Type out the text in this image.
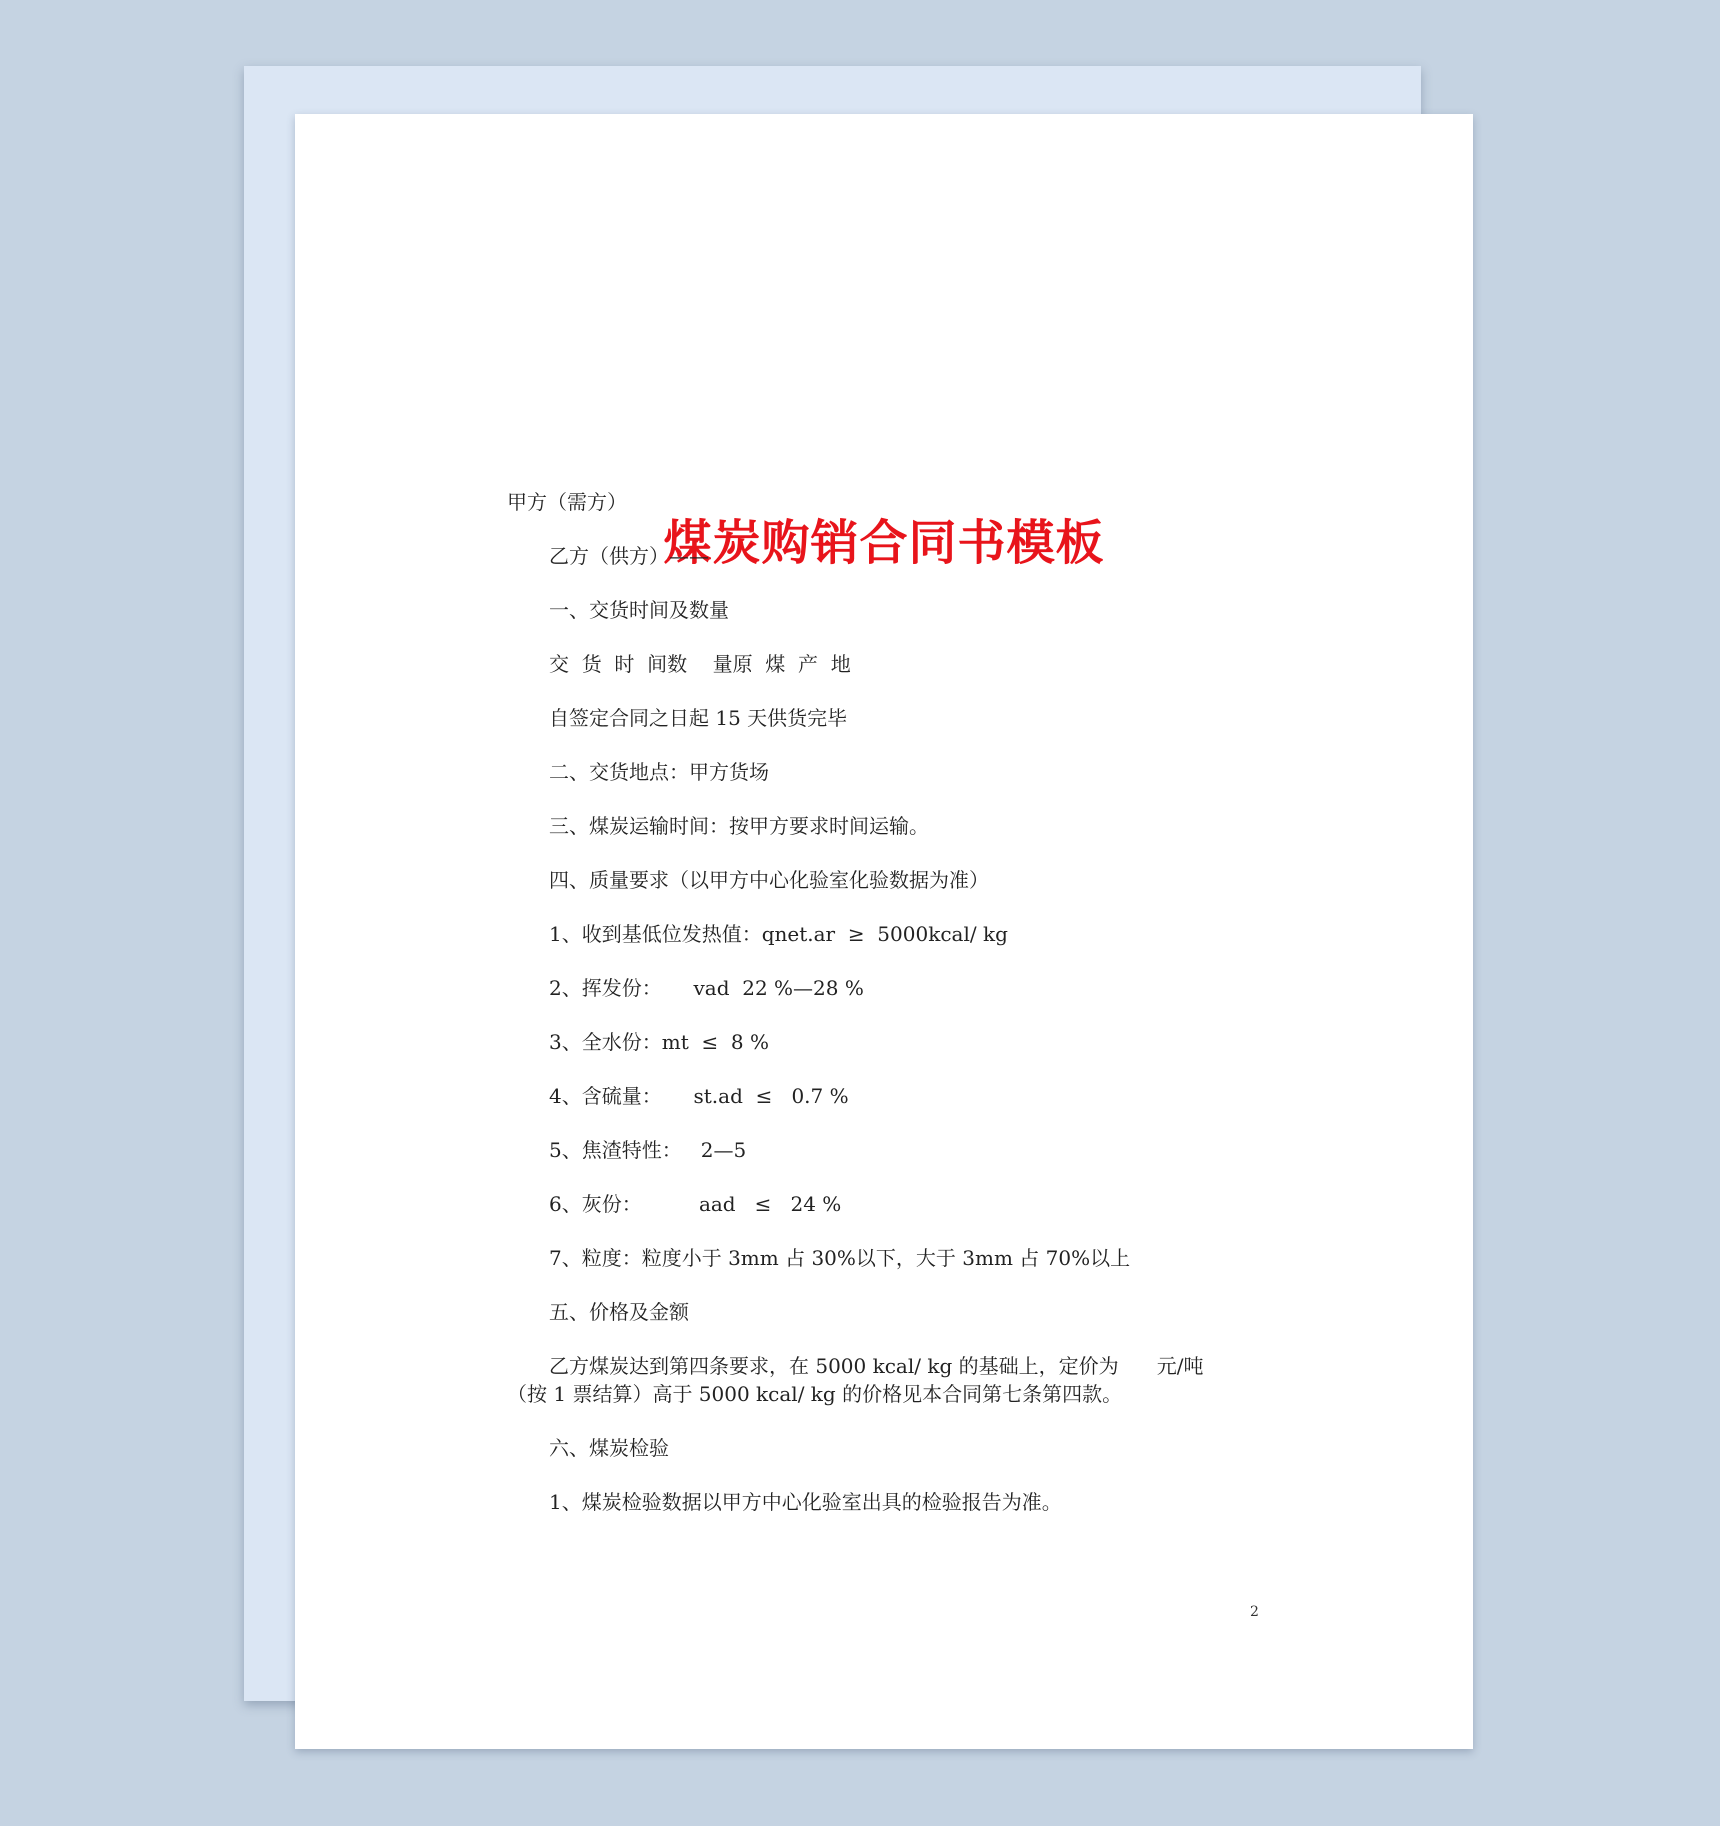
煤炭购销合同书模板
甲方（需方）
乙方（供方）——
一、交货时间及数量
交  货  时  间数    量原  煤  产  地
自签定合同之日起 15 天供货完毕
二、交货地点：甲方货场
三、煤炭运输时间：按甲方要求时间运输。
四、质量要求（以甲方中心化验室化验数据为准）
1、收到基低位发热值：qnet.ar  ≥  5000kcal/ kg
2、挥发份：     vad  22 %—28 %
3、全水份：mt  ≤  8 %
4、含硫量：     st.ad  ≤   0.7 %
5、焦渣特性：   2—5
6、灰份：         aad   ≤   24 %
7、粒度：粒度小于 3mm 占 30%以下，大于 3mm 占 70%以上
五、价格及金额
乙方煤炭达到第四条要求，在 5000 kcal/ kg 的基础上，定价为      元/吨
（按 1 票结算）高于 5000 kcal/ kg 的价格见本合同第七条第四款。
六、煤炭检验
1、煤炭检验数据以甲方中心化验室出具的检验报告为准。
2
